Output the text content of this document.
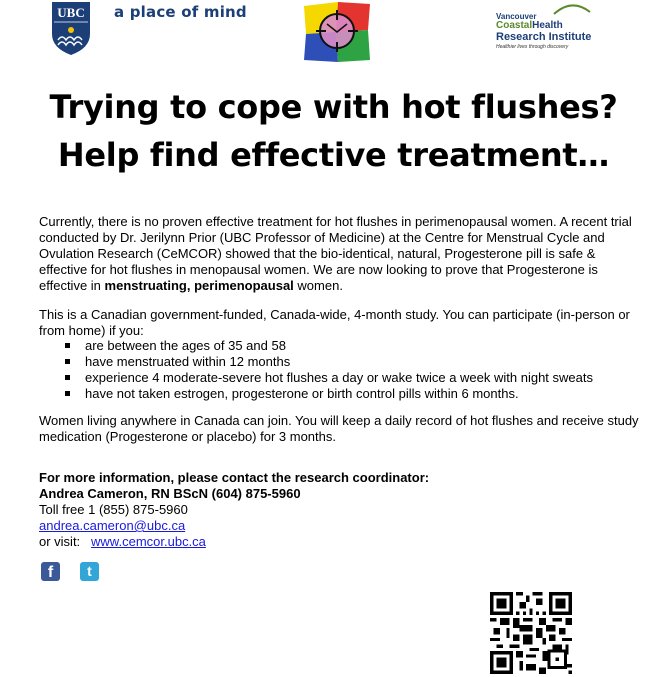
UBC a place of mind	Vancouver
CoastalHealth
Research Institute
Healthier lives through discovery
Trying to cope with hot flushes?
Help find effective treatment…

Currently, there is no proven effective treatment for hot flushes in perimenopausal women. A recent trial conducted by Dr. Jerilynn Prior (UBC Professor of Medicine) at the Centre for Menstrual Cycle and Ovulation Research (CeMCOR) showed that the bio-identical, natural, Progesterone pill is safe & effective for hot flushes in menopausal women. We are now looking to prove that Progesterone is effective in menstruating, perimenopausal women.

This is a Canadian government-funded, Canada-wide, 4-month study. You can participate (in-person or from home) if you:

are between the ages of 35 and 58
have menstruated within 12 months
experience 4 moderate-severe hot flushes a day or wake twice a week with night sweats
have not taken estrogen, progesterone or birth control pills within 6 months.

Women living anywhere in Canada can join. You will keep a daily record of hot flushes and receive study medication (Progesterone or placebo) for 3 months.

For more information, please contact the research coordinator:
Andrea Cameron, RN BScN (604) 875-5960
Toll free 1 (855) 875-5960
andrea.cameron@ubc.ca
or visit:   www.cemcor.ubc.ca
f	t
